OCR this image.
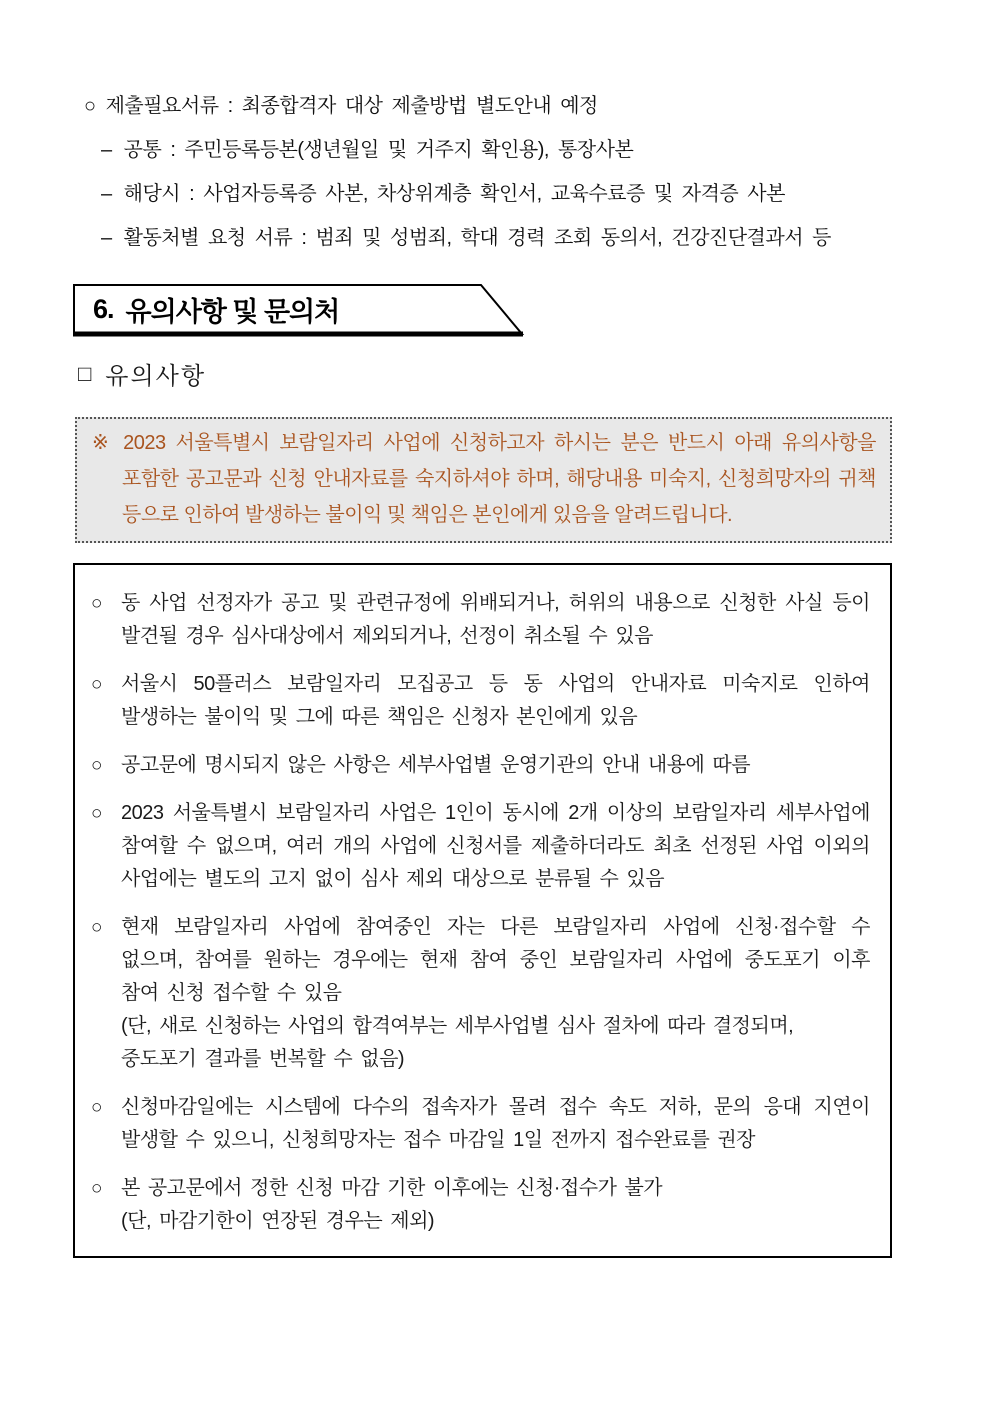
○ 제출필요서류 : 최종합격자 대상 제출방법 별도안내 예정
– 공통 : 주민등록등본(생년월일 및 거주지 확인용), 통장사본
– 해당시 : 사업자등록증 사본, 차상위계층 확인서, 교육수료증 및 자격증 사본
– 활동처별 요청 서류 : 범죄 및 성범죄, 학대 경력 조회 동의서, 건강진단결과서 등
6. 유의사항 및 문의처
□ 유의사항

※ 2023 서울특별시 보람일자리 사업에 신청하고자 하시는 분은 반드시 아래 유의사항을 포함한 공고문과 신청 안내자료를 숙지하셔야 하며, 해당내용 미숙지, 신청희망자의 귀책 등으로 인하여 발생하는 불이익 및 책임은 본인에게 있음을 알려드립니다.

○ 동 사업 선정자가 공고 및 관련규정에 위배되거나, 허위의 내용으로 신청한 사실 등이 발견될 경우 심사대상에서 제외되거나, 선정이 취소될 수 있음

○ 서울시 50플러스 보람일자리 모집공고 등 동 사업의 안내자료 미숙지로 인하여 발생하는 불이익 및 그에 따른 책임은 신청자 본인에게 있음

○ 공고문에 명시되지 않은 사항은 세부사업별 운영기관의 안내 내용에 따름

○ 2023 서울특별시 보람일자리 사업은 1인이 동시에 2개 이상의 보람일자리 세부사업에 참여할 수 없으며, 여러 개의 사업에 신청서를 제출하더라도 최초 선정된 사업 이외의 사업에는 별도의 고지 없이 심사 제외 대상으로 분류될 수 있음

○ 현재 보람일자리 사업에 참여중인 자는 다른 보람일자리 사업에 신청·접수할 수 없으며, 참여를 원하는 경우에는 현재 참여 중인 보람일자리 사업에 중도포기 이후 참여 신청 접수할 수 있음

(단, 새로 신청하는 사업의 합격여부는 세부사업별 심사 절차에 따라 결정되며, 중도포기 결과를 번복할 수 없음)

○ 신청마감일에는 시스템에 다수의 접속자가 몰려 접수 속도 저하, 문의 응대 지연이 발생할 수 있으니, 신청희망자는 접수 마감일 1일 전까지 접수완료를 권장

○ 본 공고문에서 정한 신청 마감 기한 이후에는 신청·접수가 불가

(단, 마감기한이 연장된 경우는 제외)
